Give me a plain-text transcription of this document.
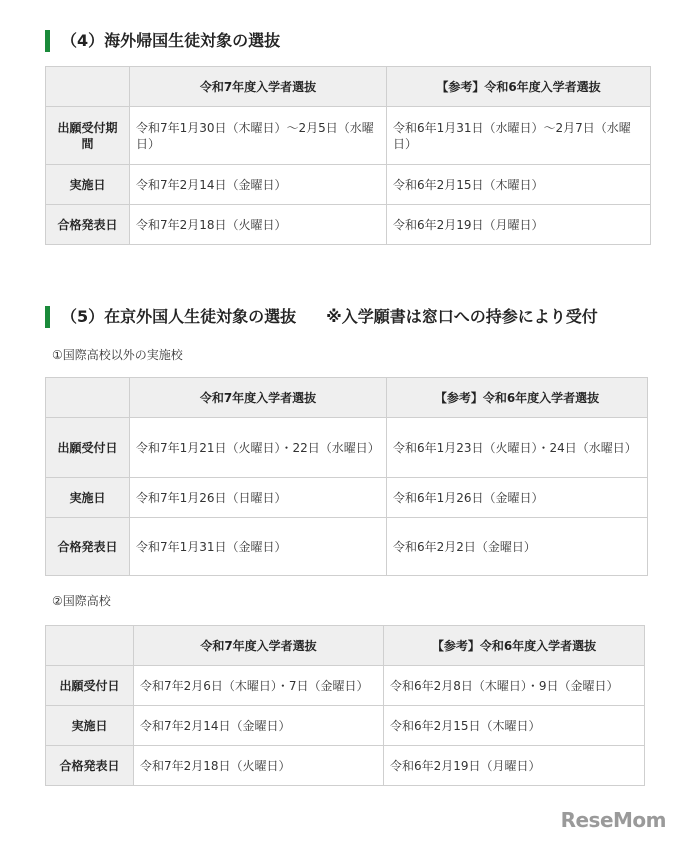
（4）海外帰国生徒対象の選抜
	令和7年度入学者選抜	【参考】令和6年度入学者選抜
出願受付期間	令和7年1月30日（木曜日）～2月5日（水曜日）	令和6年1月31日（水曜日）～2月7日（水曜日）
実施日	令和7年2月14日（金曜日）	令和6年2月15日（木曜日）
合格発表日	令和7年2月18日（火曜日）	令和6年2月19日（月曜日）
（5）在京外国人生徒対象の選抜 ※入学願書は窓口への持参により受付
①国際高校以外の実施校
	令和7年度入学者選抜	【参考】令和6年度入学者選抜
出願受付日	令和7年1月21日（火曜日）・22日（水曜日）	令和6年1月23日（火曜日）・24日（水曜日）
実施日	令和7年1月26日（日曜日）	令和6年1月26日（金曜日）
合格発表日	令和7年1月31日（金曜日）	令和6年2月2日（金曜日）
②国際高校
	令和7年度入学者選抜	【参考】令和6年度入学者選抜
出願受付日	令和7年2月6日（木曜日）・7日（金曜日）	令和6年2月8日（木曜日）・9日（金曜日）
実施日	令和7年2月14日（金曜日）	令和6年2月15日（木曜日）
合格発表日	令和7年2月18日（火曜日）	令和6年2月19日（月曜日）
ReseMom
